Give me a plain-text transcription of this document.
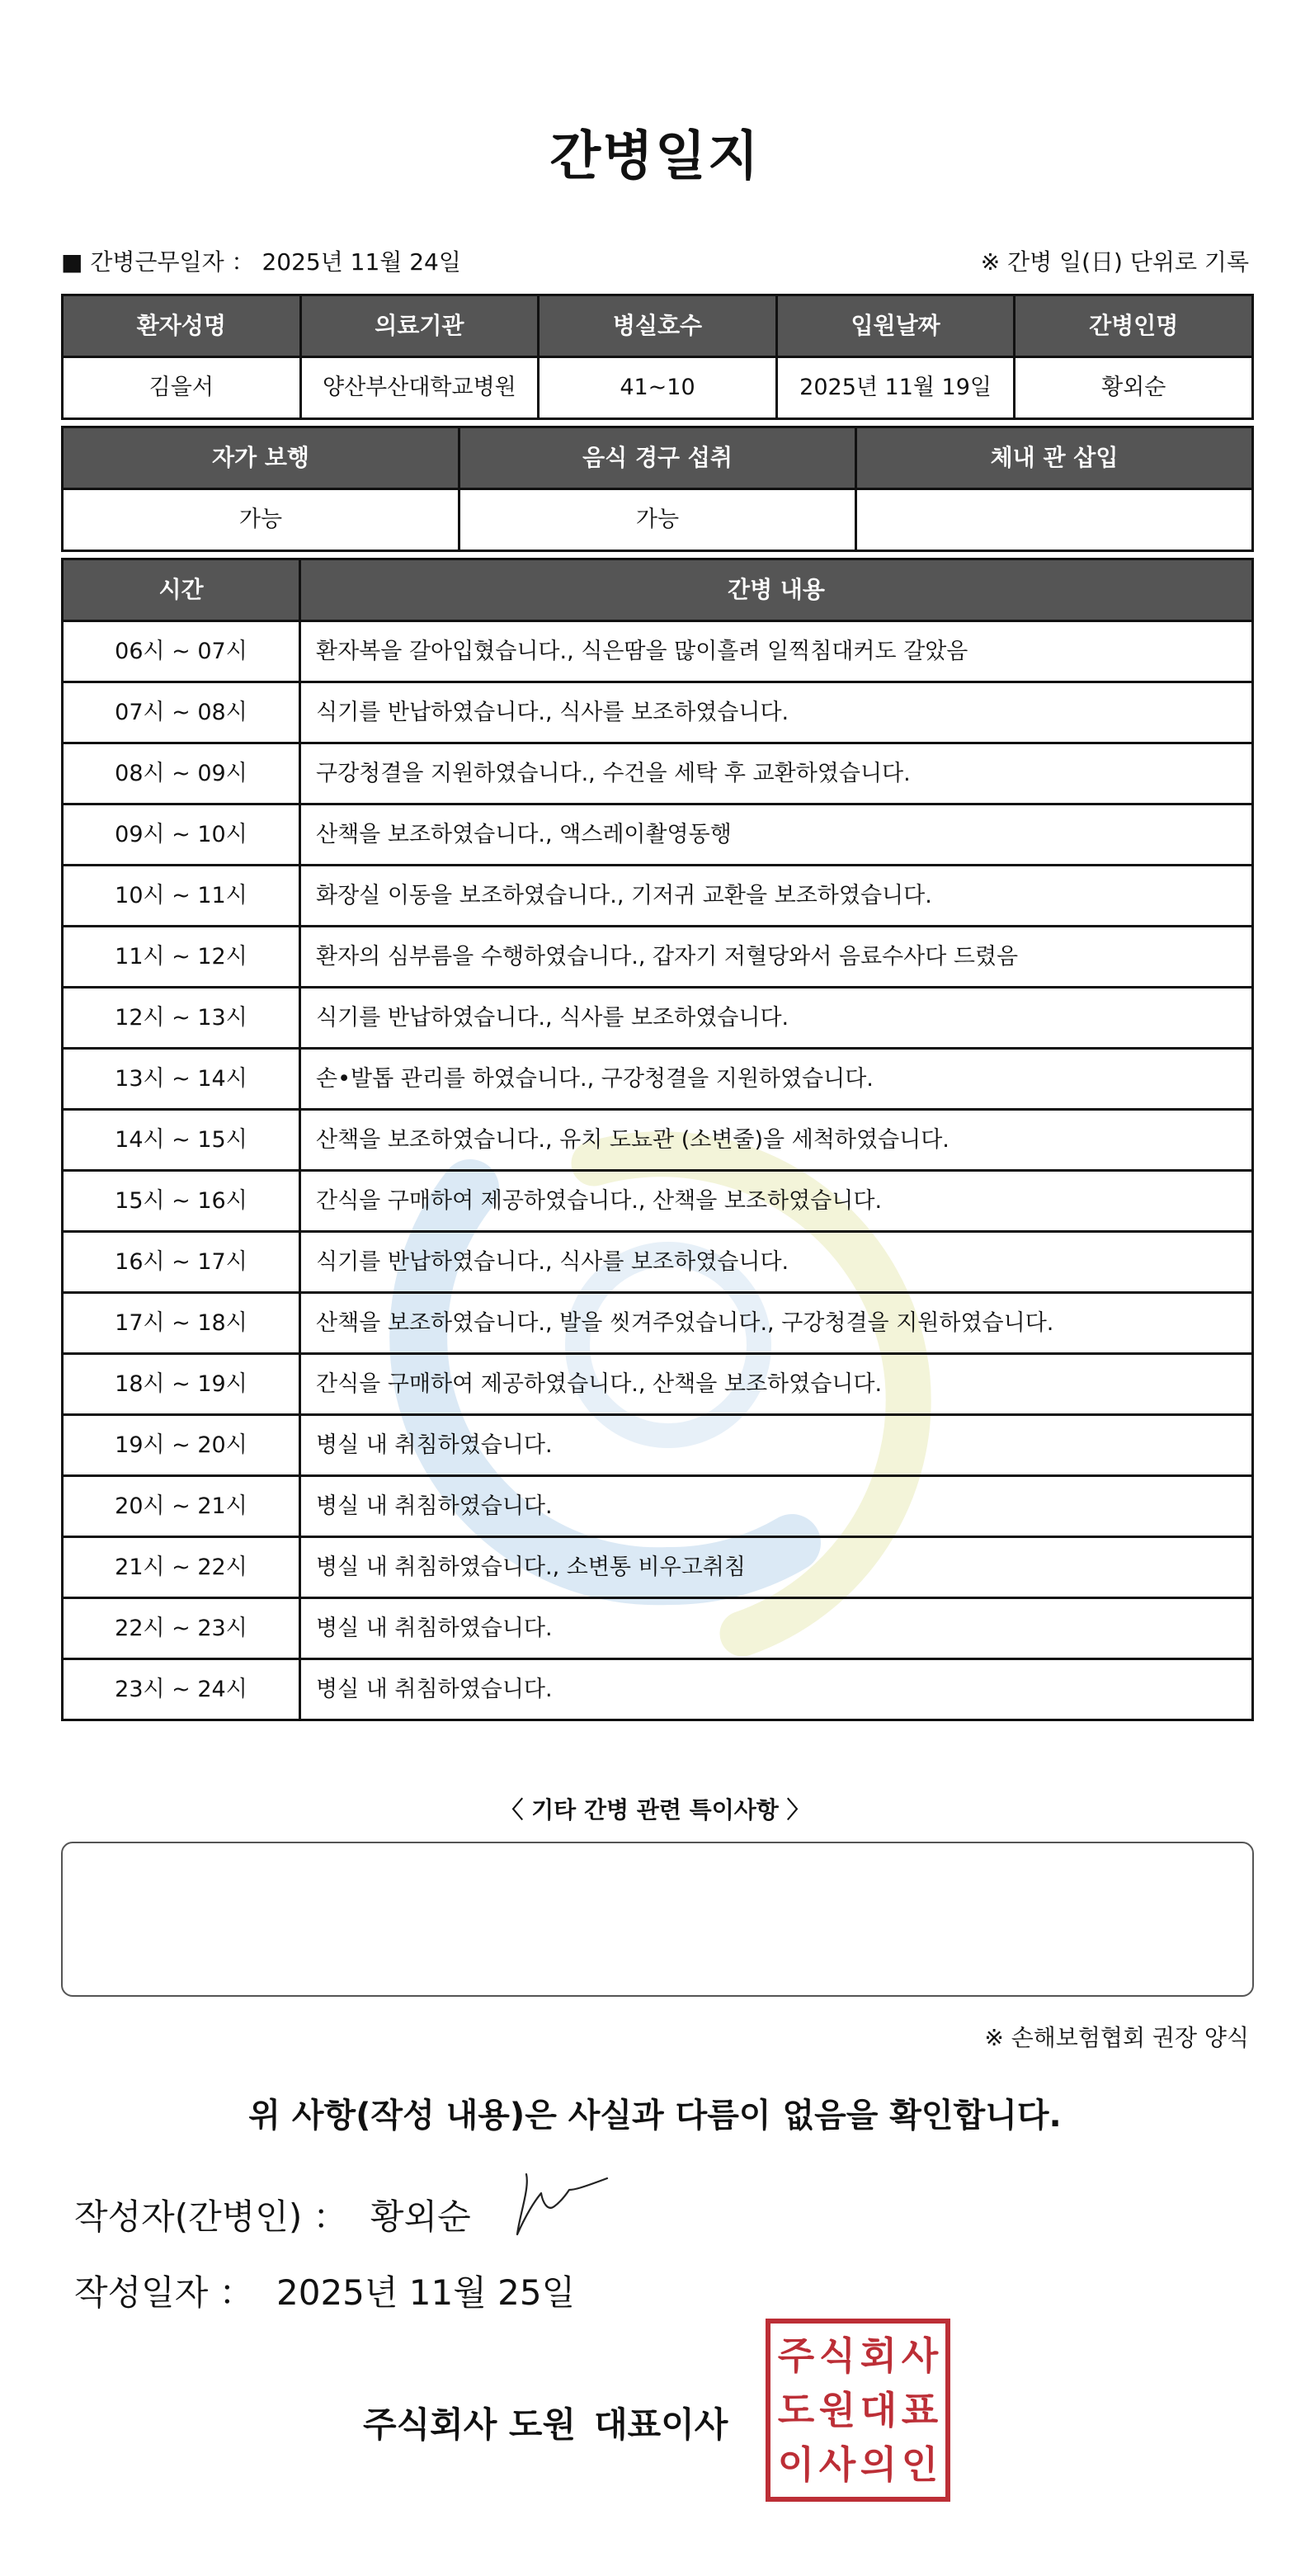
간병일지
■ 간병근무일자 ： 2025년 11월 24일	※ 간병 일(日) 단위로 기록
환자성명	의료기관	병실호수	입원날짜	간병인명
김을서	양산부산대학교병원	41~10	2025년 11월 19일	황외순
자가 보행	음식 경구 섭취	체내 관 삽입
가능	가능	
시간	간병 내용
06시 ~ 07시	환자복을 갈아입혔습니다., 식은땀을 많이흘려 일찍침대커도 갈았음
07시 ~ 08시	식기를 반납하였습니다., 식사를 보조하였습니다.
08시 ~ 09시	구강청결을 지원하였습니다., 수건을 세탁 후 교환하였습니다.
09시 ~ 10시	산책을 보조하였습니다., 액스레이촬영동행
10시 ~ 11시	화장실 이동을 보조하였습니다., 기저귀 교환을 보조하였습니다.
11시 ~ 12시	환자의 심부름을 수행하였습니다., 갑자기 저혈당와서 음료수사다 드렸음
12시 ~ 13시	식기를 반납하였습니다., 식사를 보조하였습니다.
13시 ~ 14시	손•발톱 관리를 하였습니다., 구강청결을 지원하였습니다.
14시 ~ 15시	산책을 보조하였습니다., 유치 도뇨관 (소변줄)을 세척하였습니다.
15시 ~ 16시	간식을 구매하여 제공하였습니다., 산책을 보조하였습니다.
16시 ~ 17시	식기를 반납하였습니다., 식사를 보조하였습니다.
17시 ~ 18시	산책을 보조하였습니다., 발을 씻겨주었습니다., 구강청결을 지원하였습니다.
18시 ~ 19시	간식을 구매하여 제공하였습니다., 산책을 보조하였습니다.
19시 ~ 20시	병실 내 취침하였습니다.
20시 ~ 21시	병실 내 취침하였습니다.
21시 ~ 22시	병실 내 취침하였습니다., 소변통 비우고취침
22시 ~ 23시	병실 내 취침하였습니다.
23시 ~ 24시	병실 내 취침하였습니다.
〈 기타 간병 관련 특이사항 〉
※ 손해보험협회 권장 양식
위 사항(작성 내용)은 사실과 다름이 없음을 확인합니다.
작성자(간병인) ： 황외순
작성일자 ： 2025년 11월 25일
주식회사 도원 대표이사
주 식 회 사
도 원 대 표
이 사 의 인
